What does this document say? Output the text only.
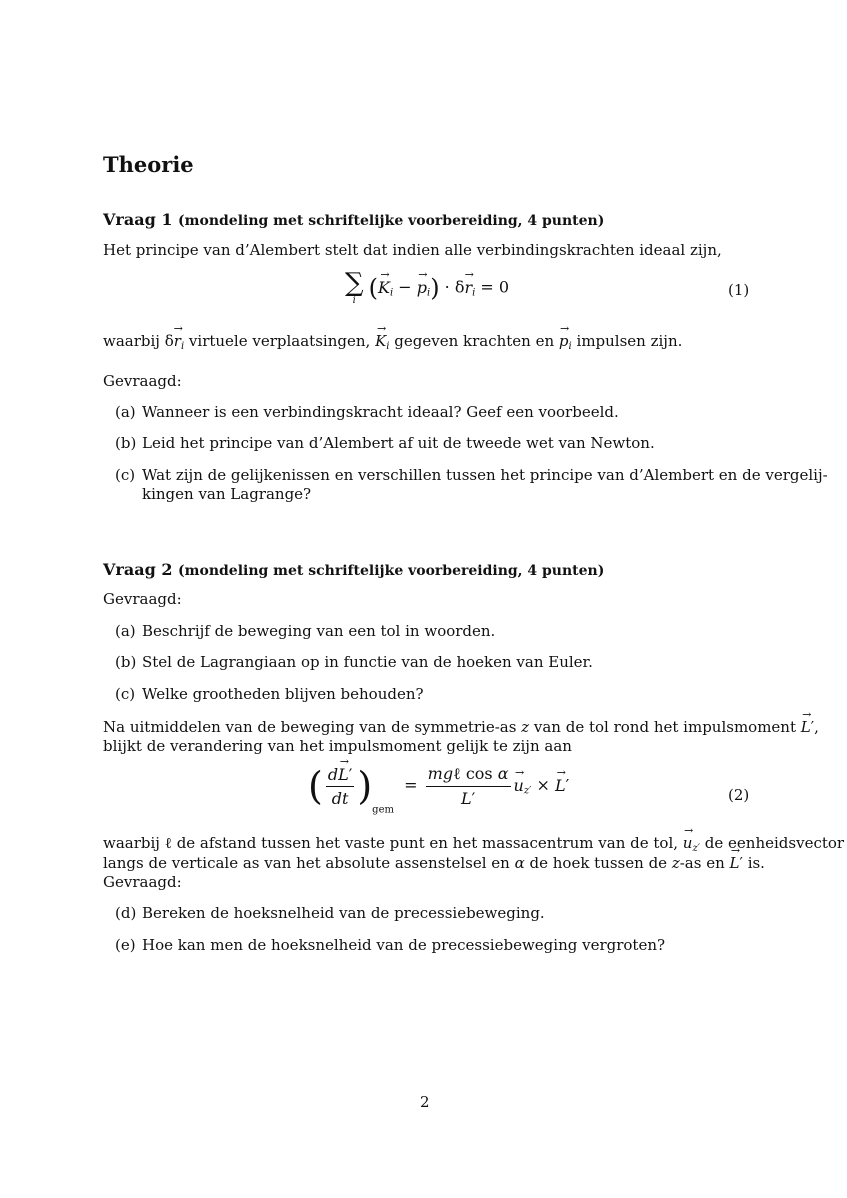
Theorie
Vraag 1 (mondeling met schriftelijke voorbereiding, 4 punten)
Het principe van d’Alembert stelt dat indien alle verbindingskrachten ideaal zijn,
∑
i (→ Ki − → pi) · δ→ ri = 0	(1)
waarbij $\delta\to r_i$ virtuele verplaatsingen, → $K_i$ gegeven krachten en → $p_i$ impulsen zijn.
Gevraagd:
(a) Wanneer is een verbindingskracht ideaal? Geef een voorbeeld.
(b) Leid het principe van d’Alembert af uit de tweede wet van Newton.
(c) Wat zijn de gelijkenissen en verschillen tussen het principe van d’Alembert en de vergelij-
kingen van Lagrange?
Vraag 2 (mondeling met schriftelijke voorbereiding, 4 punten)
Gevraagd:
(a) Beschrijf de beweging van een tol in woorden.
(b) Stel de Lagrangiaan op in functie van de hoeken van Euler.
(c) Welke grootheden blijven behouden?
Na uitmiddelen van de beweging van de symmetrie-as z van de tol rond het impulsmoment → L′,
blijkt de verandering van het impulsmoment gelijk te zijn aan
( $\frac{d\to L'}{dt} )_{gem} = \frac{\text{mgℓ cos α}}{L'}$
→ uz′ × → L′
(2)
waarbij ℓ de afstand tussen het vaste punt en het massacentrum van de tol, → $u_{z'}$ de eenheidsvector
langs de verticale as van het absolute assenstelsel en α de hoek tussen de z-as en → L′ is.
Gevraagd:
(d) Bereken de hoeksnelheid van de precessiebeweging.
(e) Hoe kan men de hoeksnelheid van de precessiebeweging vergroten?
2
